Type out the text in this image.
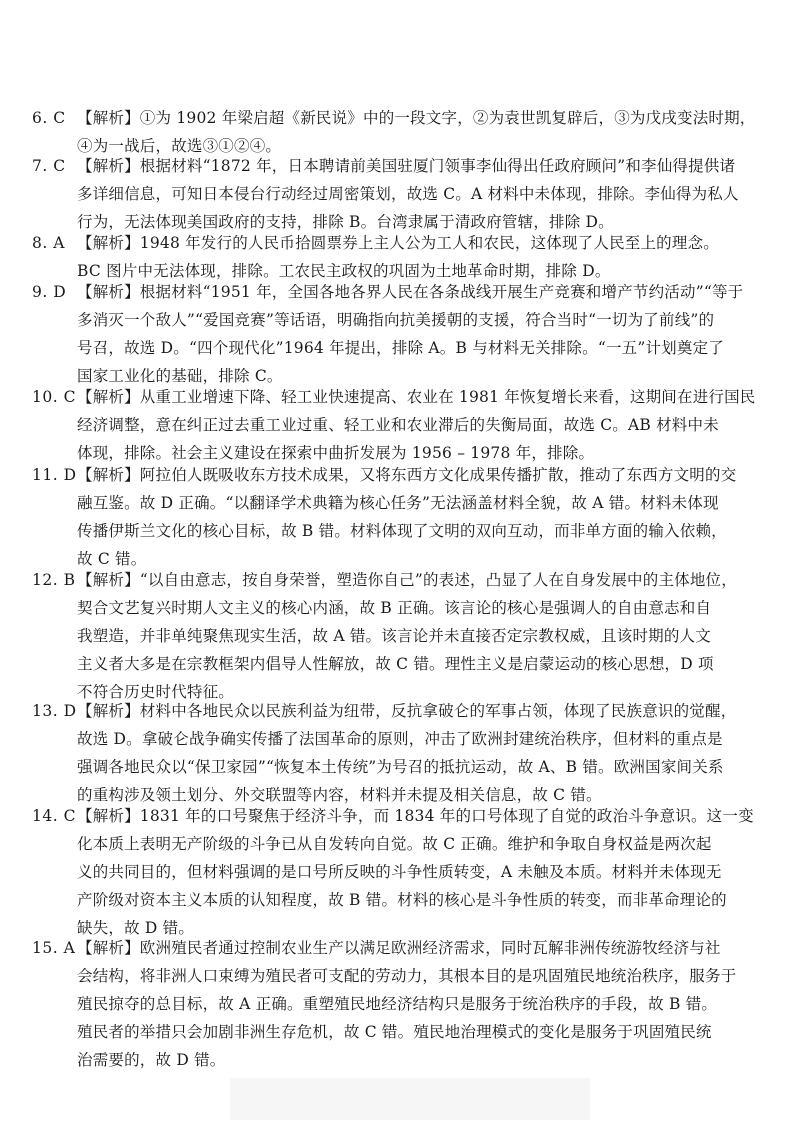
6. C 【解析】①为 1902 年梁启超《新民说》中的一段文字，②为袁世凯复辟后，③为戊戌变法时期，
④为一战后，故选③①②④。
7. C 【解析】根据材料“1872 年，日本聘请前美国驻厦门领事李仙得出任政府顾问”和李仙得提供诸
多详细信息，可知日本侵台行动经过周密策划，故选 C。A 材料中未体现，排除。李仙得为私人
行为，无法体现美国政府的支持，排除 B。台湾隶属于清政府管辖，排除 D。
8. A 【解析】1948 年发行的人民币拾圆票券上主人公为工人和农民，这体现了人民至上的理念。
BC 图片中无法体现，排除。工农民主政权的巩固为土地革命时期，排除 D。
9. D 【解析】根据材料“1951 年，全国各地各界人民在各条战线开展生产竞赛和增产节约活动”“等于
多消灭一个敌人”“爱国竞赛”等话语，明确指向抗美援朝的支援，符合当时“一切为了前线”的
号召，故选 D。“四个现代化”1964 年提出，排除 A。B 与材料无关排除。“一五”计划奠定了
国家工业化的基础，排除 C。
10. C 【解析】从重工业增速下降、轻工业快速提高、农业在 1981 年恢复增长来看，这期间在进行国民
经济调整，意在纠正过去重工业过重、轻工业和农业滞后的失衡局面，故选 C。AB 材料中未
体现，排除。社会主义建设在探索中曲折发展为 1956 – 1978 年，排除。
11. D 【解析】阿拉伯人既吸收东方技术成果，又将东西方文化成果传播扩散，推动了东西方文明的交
融互鉴。故 D 正确。“以翻译学术典籍为核心任务”无法涵盖材料全貌，故 A 错。材料未体现
传播伊斯兰文化的核心目标，故 B 错。材料体现了文明的双向互动，而非单方面的输入依赖，
故 C 错。
12. B 【解析】“以自由意志，按自身荣誉，塑造你自己”的表述，凸显了人在自身发展中的主体地位，
契合文艺复兴时期人文主义的核心内涵，故 B 正确。该言论的核心是强调人的自由意志和自
我塑造，并非单纯聚焦现实生活，故 A 错。该言论并未直接否定宗教权威，且该时期的人文
主义者大多是在宗教框架内倡导人性解放，故 C 错。理性主义是启蒙运动的核心思想，D 项
不符合历史时代特征。
13. D 【解析】材料中各地民众以民族利益为纽带，反抗拿破仑的军事占领，体现了民族意识的觉醒，
故选 D。拿破仑战争确实传播了法国革命的原则，冲击了欧洲封建统治秩序，但材料的重点是
强调各地民众以“保卫家园”“恢复本土传统”为号召的抵抗运动，故 A、B 错。欧洲国家间关系
的重构涉及领土划分、外交联盟等内容，材料并未提及相关信息，故 C 错。
14. C 【解析】1831 年的口号聚焦于经济斗争，而 1834 年的口号体现了自觉的政治斗争意识。这一变
化本质上表明无产阶级的斗争已从自发转向自觉。故 C 正确。维护和争取自身权益是两次起
义的共同目的，但材料强调的是口号所反映的斗争性质转变，A 未触及本质。材料并未体现无
产阶级对资本主义本质的认知程度，故 B 错。材料的核心是斗争性质的转变，而非革命理论的
缺失，故 D 错。
15. A 【解析】欧洲殖民者通过控制农业生产以满足欧洲经济需求，同时瓦解非洲传统游牧经济与社
会结构，将非洲人口束缚为殖民者可支配的劳动力，其根本目的是巩固殖民地统治秩序，服务于
殖民掠夺的总目标，故 A 正确。重塑殖民地经济结构只是服务于统治秩序的手段，故 B 错。
殖民者的举措只会加剧非洲生存危机，故 C 错。殖民地治理模式的变化是服务于巩固殖民统
治需要的，故 D 错。
